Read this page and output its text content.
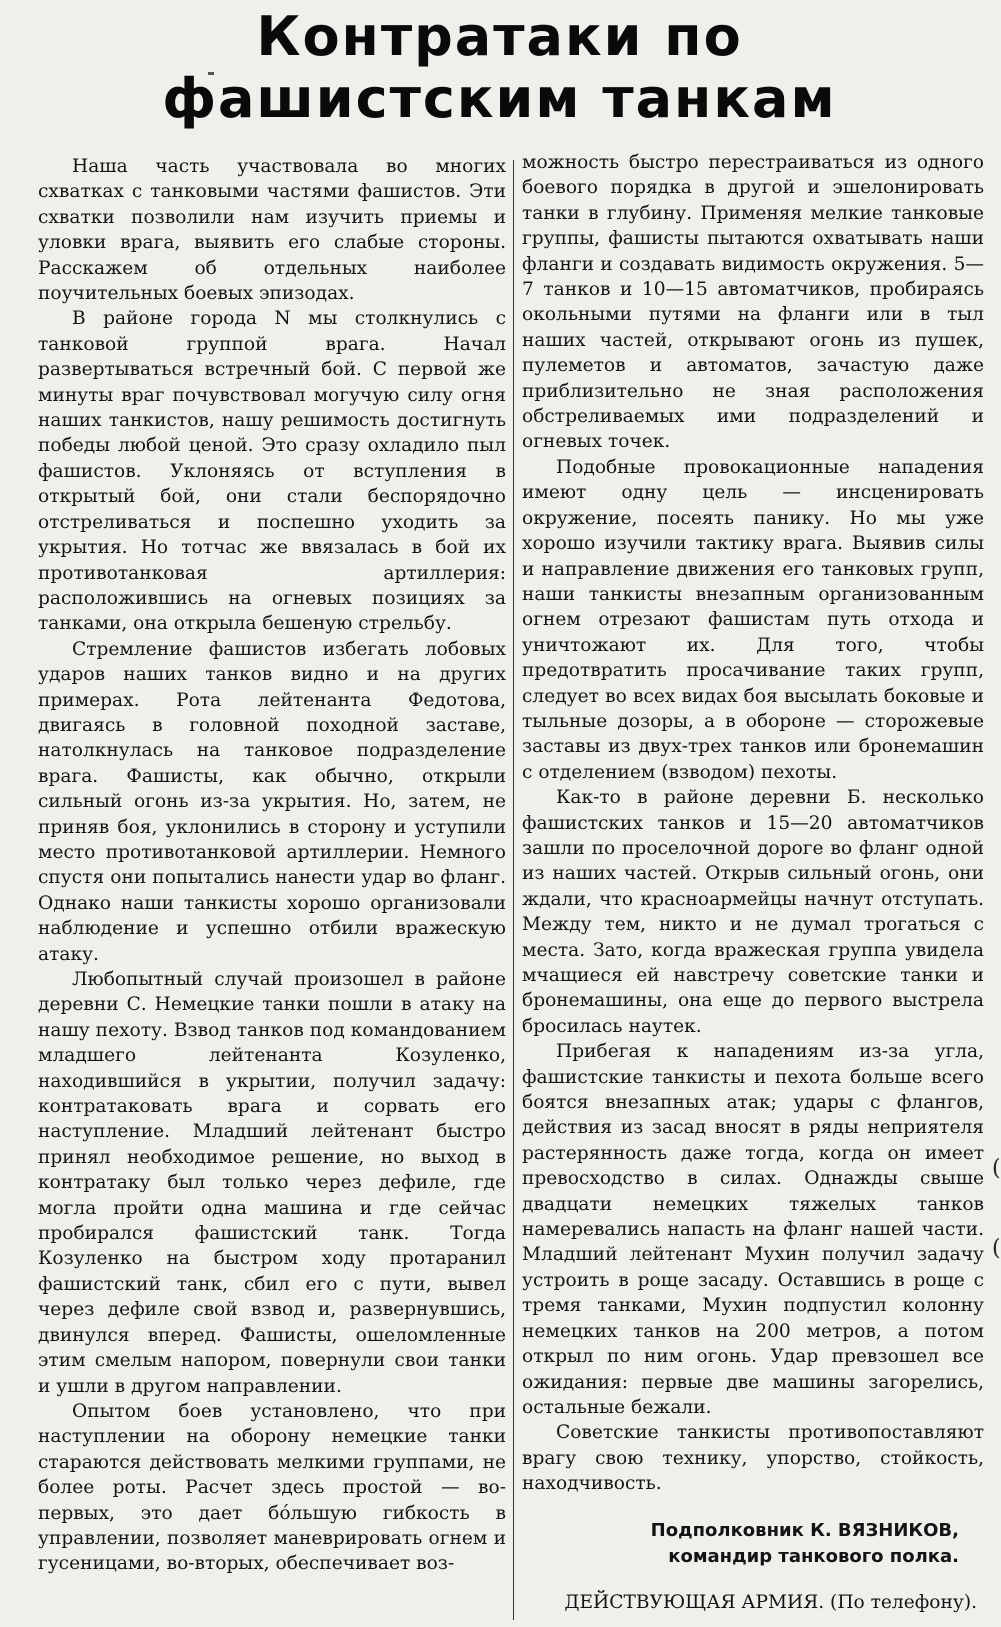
Контратаки по
фашистским танкам

Наша часть участвовала во многих схватках с танковыми частями фашистов. Эти схватки позволили нам изучить приемы и уловки врага, выявить его слабые стороны. Расскажем об отдельных наиболее поучительных боевых эпизодах.

В районе города N мы столкнулись с танковой группой врага. Начал развертываться встречный бой. С первой же минуты враг почувствовал могучую силу огня наших танкистов, нашу решимость достигнуть победы любой ценой. Это сразу охладило пыл фашистов. Уклоняясь от вступления в открытый бой, они стали беспорядочно отстреливаться и поспешно уходить за укрытия. Но тотчас же ввязалась в бой их противотанковая артиллерия: расположившись на огневых позициях за танками, она открыла бешеную стрельбу.

Стремление фашистов избегать лобовых ударов наших танков видно и на других примерах. Рота лейтенанта Федотова, двигаясь в головной походной заставе, натолкнулась на танковое подразделение врага. Фашисты, как обычно, открыли сильный огонь из-за укрытия. Но, затем, не приняв боя, уклонились в сторону и уступили место противотанковой артиллерии. Немного спустя они попытались нанести удар во фланг. Однако наши танкисты хорошо организовали наблюдение и успешно отбили вражескую атаку.

Любопытный случай произошел в районе деревни С. Немецкие танки пошли в атаку на нашу пехоту. Взвод танков под командованием младшего лейтенанта Козуленко, находившийся в укрытии, получил задачу: контратаковать врага и сорвать его наступление. Младший лейтенант быстро принял необходимое решение, но выход в контратаку был только через дефиле, где могла пройти одна машина и где сейчас пробирался фашистский танк. Тогда Козуленко на быстром ходу протаранил фашистский танк, сбил его с пути, вывел через дефиле свой взвод и, развернувшись, двинулся вперед. Фашисты, ошеломленные этим смелым напором, повернули свои танки и ушли в другом направлении.

Опытом боев установлено, что при наступлении на оборону немецкие танки стараются действовать мелкими группами, не более роты. Расчет здесь простой — во-первых, это дает бо́льшую гибкость в управлении, позволяет маневрировать огнем и гусеницами, во-вторых, обеспечивает воз-

можность быстро перестраиваться из одного боевого порядка в другой и эшелонировать танки в глубину. Применяя мелкие танковые группы, фашисты пытаются охватывать наши фланги и создавать видимость окружения. 5—7 танков и 10—15 автоматчиков, пробираясь окольными путями на фланги или в тыл наших частей, открывают огонь из пушек, пулеметов и автоматов, зачастую даже приблизительно не зная расположения обстреливаемых ими подразделений и огневых точек.

Подобные провокационные нападения имеют одну цель — инсценировать окружение, посеять панику. Но мы уже хорошо изучили тактику врага. Выявив силы и направление движения его танковых групп, наши танкисты внезапным организованным огнем отрезают фашистам путь отхода и уничтожают их. Для того, чтобы предотвратить просачивание таких групп, следует во всех видах боя высылать боковые и тыльные дозоры, а в обороне — сторожевые заставы из двух-трех танков или бронемашин с отделением (взводом) пехоты.

Как-то в районе деревни Б. несколько фашистских танков и 15—20 автоматчиков зашли по проселочной дороге во фланг одной из наших частей. Открыв сильный огонь, они ждали, что красноармейцы начнут отступать. Между тем, никто и не думал трогаться с места. Зато, когда вражеская группа увидела мчащиеся ей навстречу советские танки и бронемашины, она еще до первого выстрела бросилась наутек.

Прибегая к нападениям из-за угла, фашистские танкисты и пехота больше всего боятся внезапных атак; удары с флангов, действия из засад вносят в ряды неприятеля растерянность даже тогда, когда он имеет превосходство в силах. Однажды свыше двадцати немецких тяжелых танков намеревались напасть на фланг нашей части. Младший лейтенант Мухин получил задачу устроить в роще засаду. Оставшись в роще с тремя танками, Мухин подпустил колонну немецких танков на 200 метров, а потом открыл по ним огонь. Удар превзошел все ожидания: первые две машины загорелись, остальные бежали.

Советские танкисты противопоставляют врагу свою технику, упорство, стойкость, находчивость.

Подполковник К. ВЯЗНИКОВ,
командир танкового полка.
ДЕЙСТВУЮЩАЯ АРМИЯ. (По телефону).
(
(
